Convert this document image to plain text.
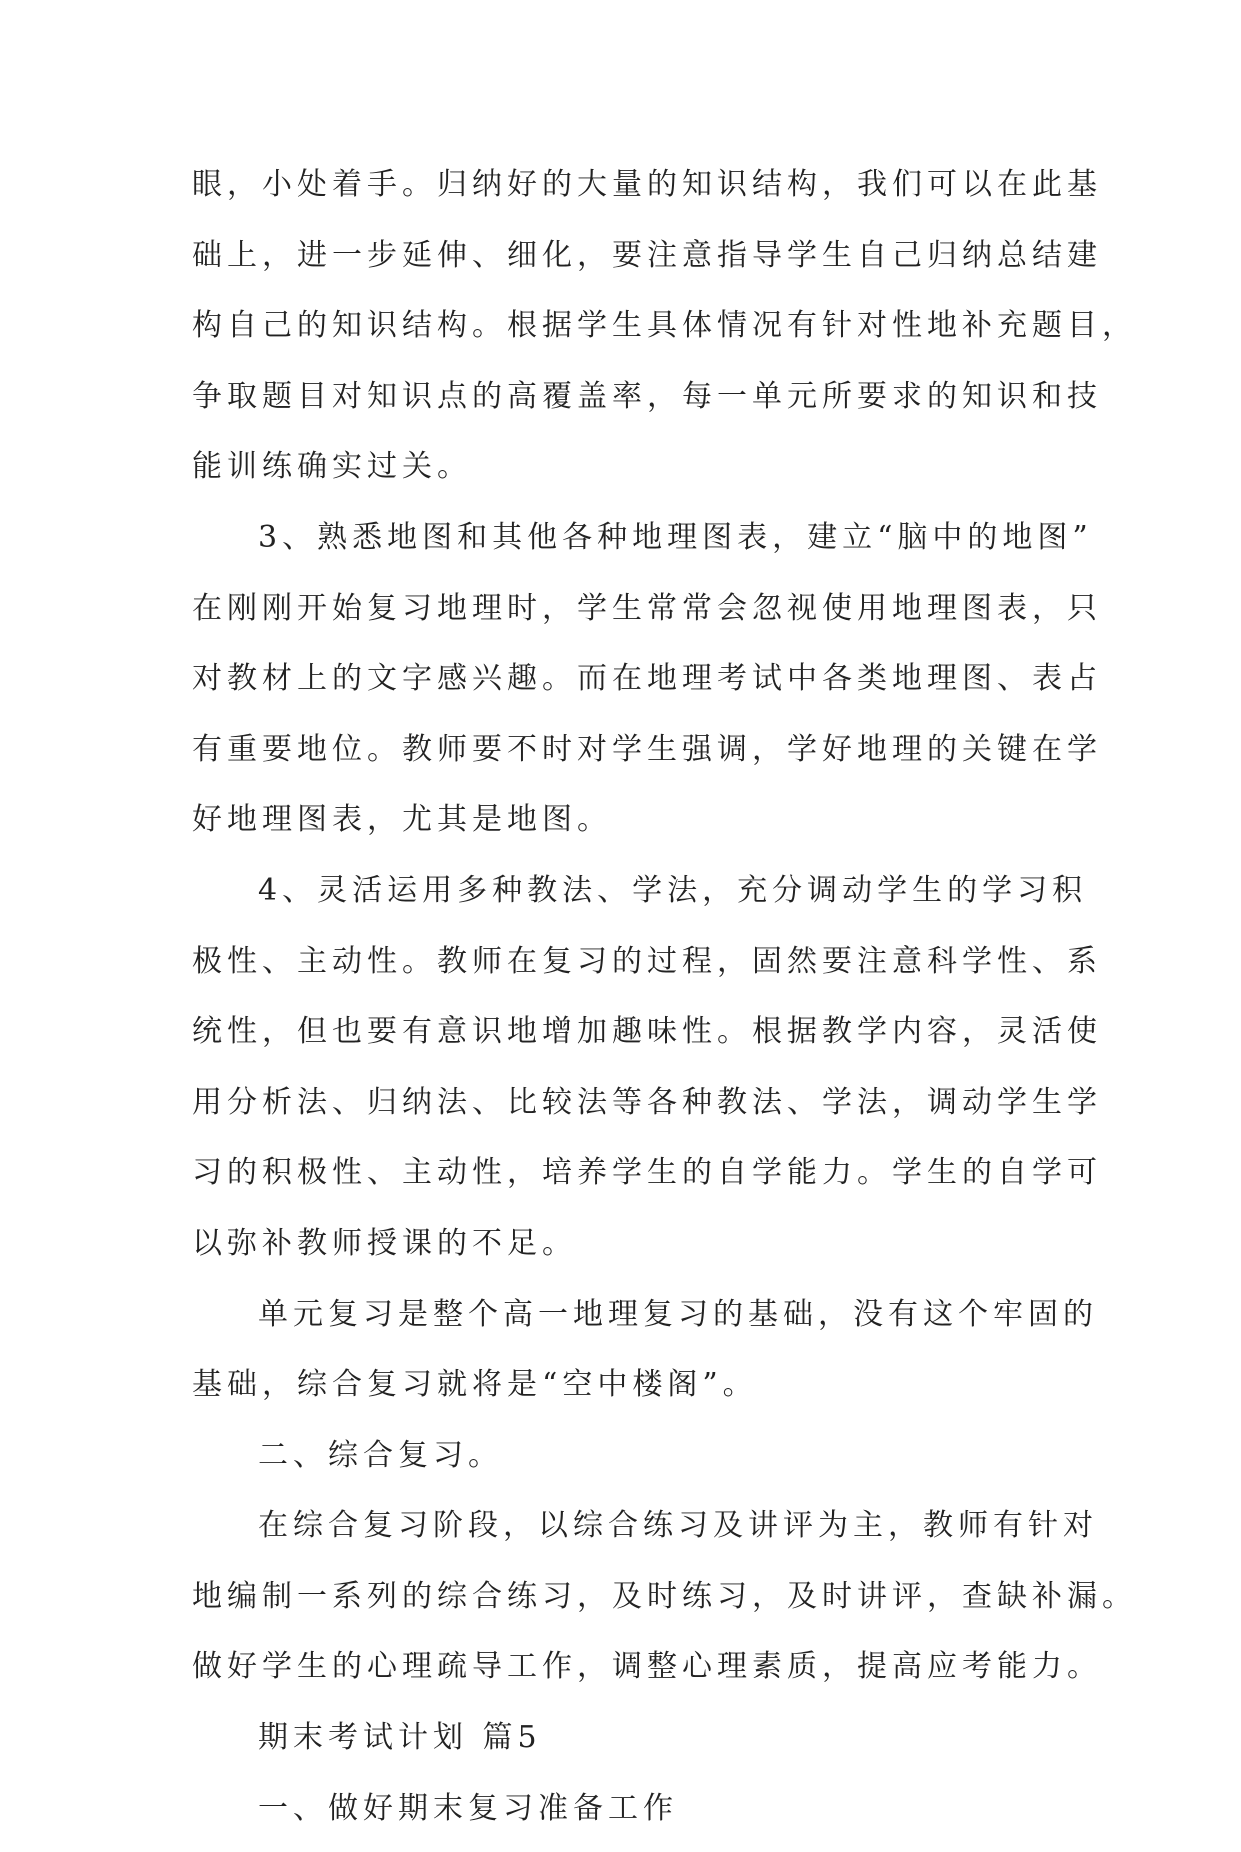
眼，小处着手。归纳好的大量的知识结构，我们可以在此基
础上，进一步延伸、细化，要注意指导学生自己归纳总结建
构自己的知识结构。根据学生具体情况有针对性地补充题目，
争取题目对知识点的高覆盖率，每一单元所要求的知识和技
能训练确实过关。
3、熟悉地图和其他各种地理图表，建立“脑中的地图”
在刚刚开始复习地理时，学生常常会忽视使用地理图表，只
对教材上的文字感兴趣。而在地理考试中各类地理图、表占
有重要地位。教师要不时对学生强调，学好地理的关键在学
好地理图表，尤其是地图。
4、灵活运用多种教法、学法，充分调动学生的学习积
极性、主动性。教师在复习的过程，固然要注意科学性、系
统性，但也要有意识地增加趣味性。根据教学内容，灵活使
用分析法、归纳法、比较法等各种教法、学法，调动学生学
习的积极性、主动性，培养学生的自学能力。学生的自学可
以弥补教师授课的不足。
单元复习是整个高一地理复习的基础，没有这个牢固的
基础，综合复习就将是“空中楼阁”。
二、综合复习。
在综合复习阶段，以综合练习及讲评为主，教师有针对
地编制一系列的综合练习，及时练习，及时讲评，查缺补漏。
做好学生的心理疏导工作，调整心理素质，提高应考能力。
期末考试计划 篇5
一、做好期末复习准备工作
